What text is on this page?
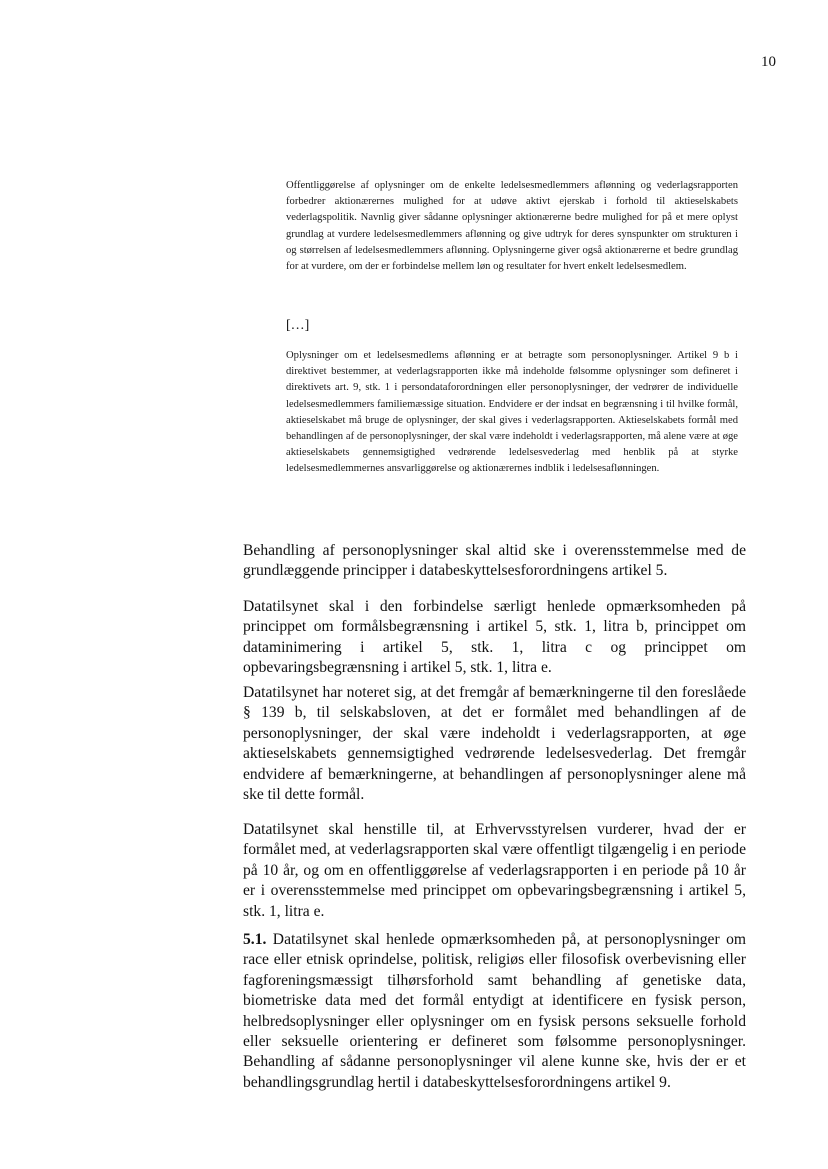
10

Offentliggørelse af oplysninger om de enkelte ledelsesmedlemmers aflønning og vederlagsrapporten forbedrer aktionærernes mulighed for at udøve aktivt ejerskab i forhold til aktieselskabets vederlagspolitik. Navnlig giver sådanne oplysninger aktionærerne bedre mulighed for på et mere oplyst grundlag at vurdere ledelsesmedlemmers aflønning og give udtryk for deres synspunkter om strukturen i og størrelsen af ledelsesmedlemmers aflønning. Oplysningerne giver også aktionærerne et bedre grundlag for at vurdere, om der er forbindelse mellem løn og resultater for hvert enkelt ledelsesmedlem.

[…]

Oplysninger om et ledelsesmedlems aflønning er at betragte som personoplysninger. Artikel 9 b i direktivet bestemmer, at vederlagsrapporten ikke må indeholde følsomme oplysninger som defineret i direktivets art. 9, stk. 1 i persondataforordningen eller personoplysninger, der vedrører de individuelle ledelsesmedlemmers familiemæssige situation. Endvidere er der indsat en begrænsning i til hvilke formål, aktieselskabet må bruge de oplysninger, der skal gives i vederlagsrapporten. Aktieselskabets formål med behandlingen af de personoplysninger, der skal være indeholdt i vederlagsrapporten, må alene være at øge aktieselskabets gennemsigtighed vedrørende ledelsesvederlag med henblik på at styrke ledelsesmedlemmernes ansvarliggørelse og aktionærernes indblik i ledelsesaflønningen.

Behandling af personoplysninger skal altid ske i overensstemmelse med de grundlæggende principper i databeskyttelsesforordningens artikel 5.

Datatilsynet skal i den forbindelse særligt henlede opmærksomheden på princippet om formålsbegrænsning i artikel 5, stk. 1, litra b, princippet om dataminimering i artikel 5, stk. 1, litra c og princippet om opbevaringsbegrænsning i artikel 5, stk. 1, litra e.

Datatilsynet har noteret sig, at det fremgår af bemærkningerne til den foreslåede § 139 b, til selskabsloven, at det er formålet med behandlingen af de personoplysninger, der skal være indeholdt i vederlagsrapporten, at øge aktieselskabets gennemsigtighed vedrørende ledelsesvederlag. Det fremgår endvidere af bemærkningerne, at behandlingen af personoplysninger alene må ske til dette formål.

Datatilsynet skal henstille til, at Erhvervsstyrelsen vurderer, hvad der er formålet med, at vederlagsrapporten skal være offentligt tilgængelig i en periode på 10 år, og om en offentliggørelse af vederlagsrapporten i en periode på 10 år er i overensstemmelse med princippet om opbevaringsbegrænsning i artikel 5, stk. 1, litra e.

5.1. Datatilsynet skal henlede opmærksomheden på, at personoplysninger om race eller etnisk oprindelse, politisk, religiøs eller filosofisk overbevisning eller fagforeningsmæssigt tilhørsforhold samt behandling af genetiske data, biometriske data med det formål entydigt at identificere en fysisk person, helbredsoplysninger eller oplysninger om en fysisk persons seksuelle forhold eller seksuelle orientering er defineret som følsomme personoplysninger. Behandling af sådanne personoplysninger vil alene kunne ske, hvis der er et behandlingsgrundlag hertil i databeskyttelsesforordningens artikel 9.
